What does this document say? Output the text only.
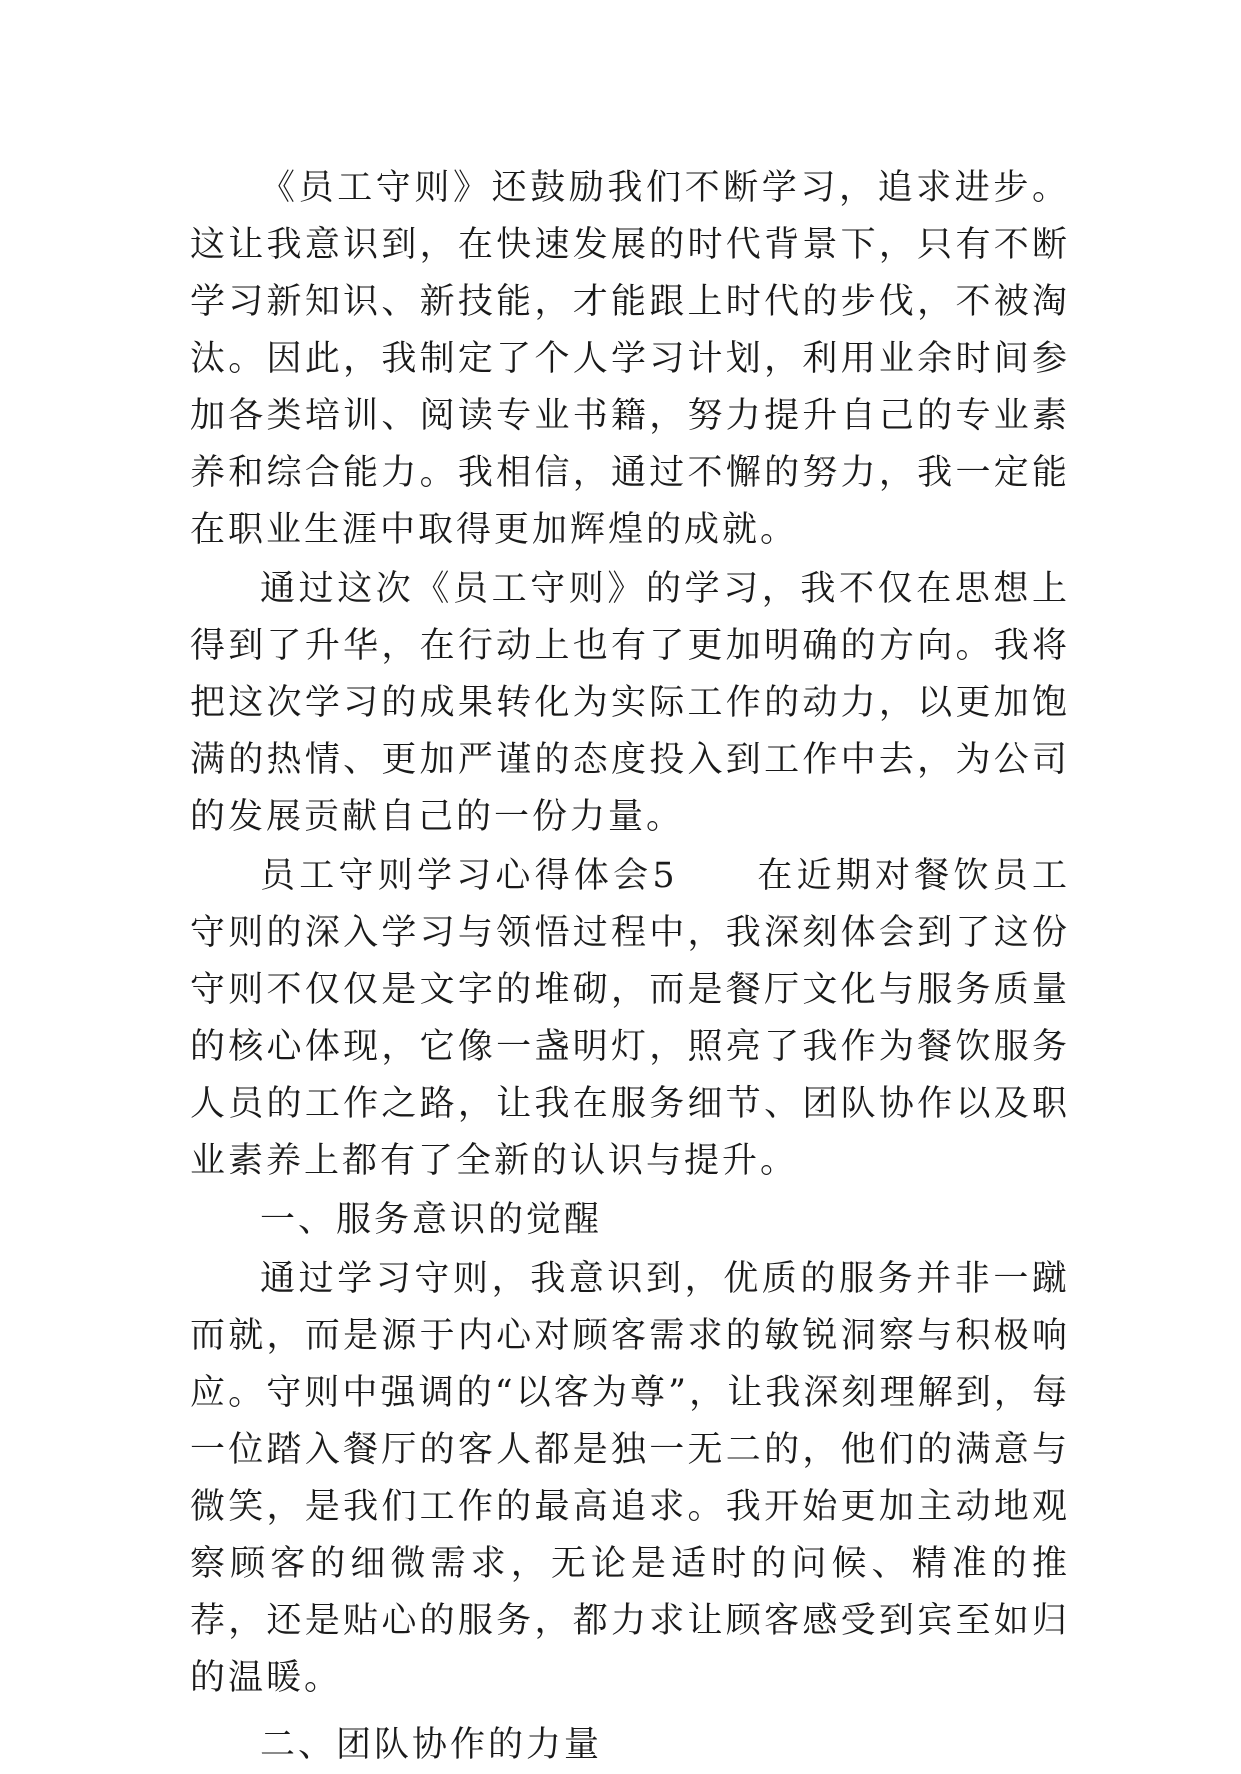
《员工守则》还鼓励我们不断学习，追求进步。这让我意识到，在快速发展的时代背景下，只有不断学习新知识、新技能，才能跟上时代的步伐，不被淘汰。因此，我制定了个人学习计划，利用业余时间参加各类培训、阅读专业书籍，努力提升自己的专业素养和综合能力。我相信，通过不懈的努力，我一定能在职业生涯中取得更加辉煌的成就。

通过这次《员工守则》的学习，我不仅在思想上得到了升华，在行动上也有了更加明确的方向。我将把这次学习的成果转化为实际工作的动力，以更加饱满的热情、更加严谨的态度投入到工作中去，为公司的发展贡献自己的一份力量。

员工守则学习心得体会5　　在近期对餐饮员工守则的深入学习与领悟过程中，我深刻体会到了这份守则不仅仅是文字的堆砌，而是餐厅文化与服务质量的核心体现，它像一盏明灯，照亮了我作为餐饮服务人员的工作之路，让我在服务细节、团队协作以及职业素养上都有了全新的认识与提升。

一、服务意识的觉醒

通过学习守则，我意识到，优质的服务并非一蹴而就，而是源于内心对顾客需求的敏锐洞察与积极响应。守则中强调的“以客为尊”，让我深刻理解到，每一位踏入餐厅的客人都是独一无二的，他们的满意与微笑，是我们工作的最高追求。我开始更加主动地观察顾客的细微需求，无论是适时的问候、精准的推荐，还是贴心的服务，都力求让顾客感受到宾至如归的温暖。

二、团队协作的力量
